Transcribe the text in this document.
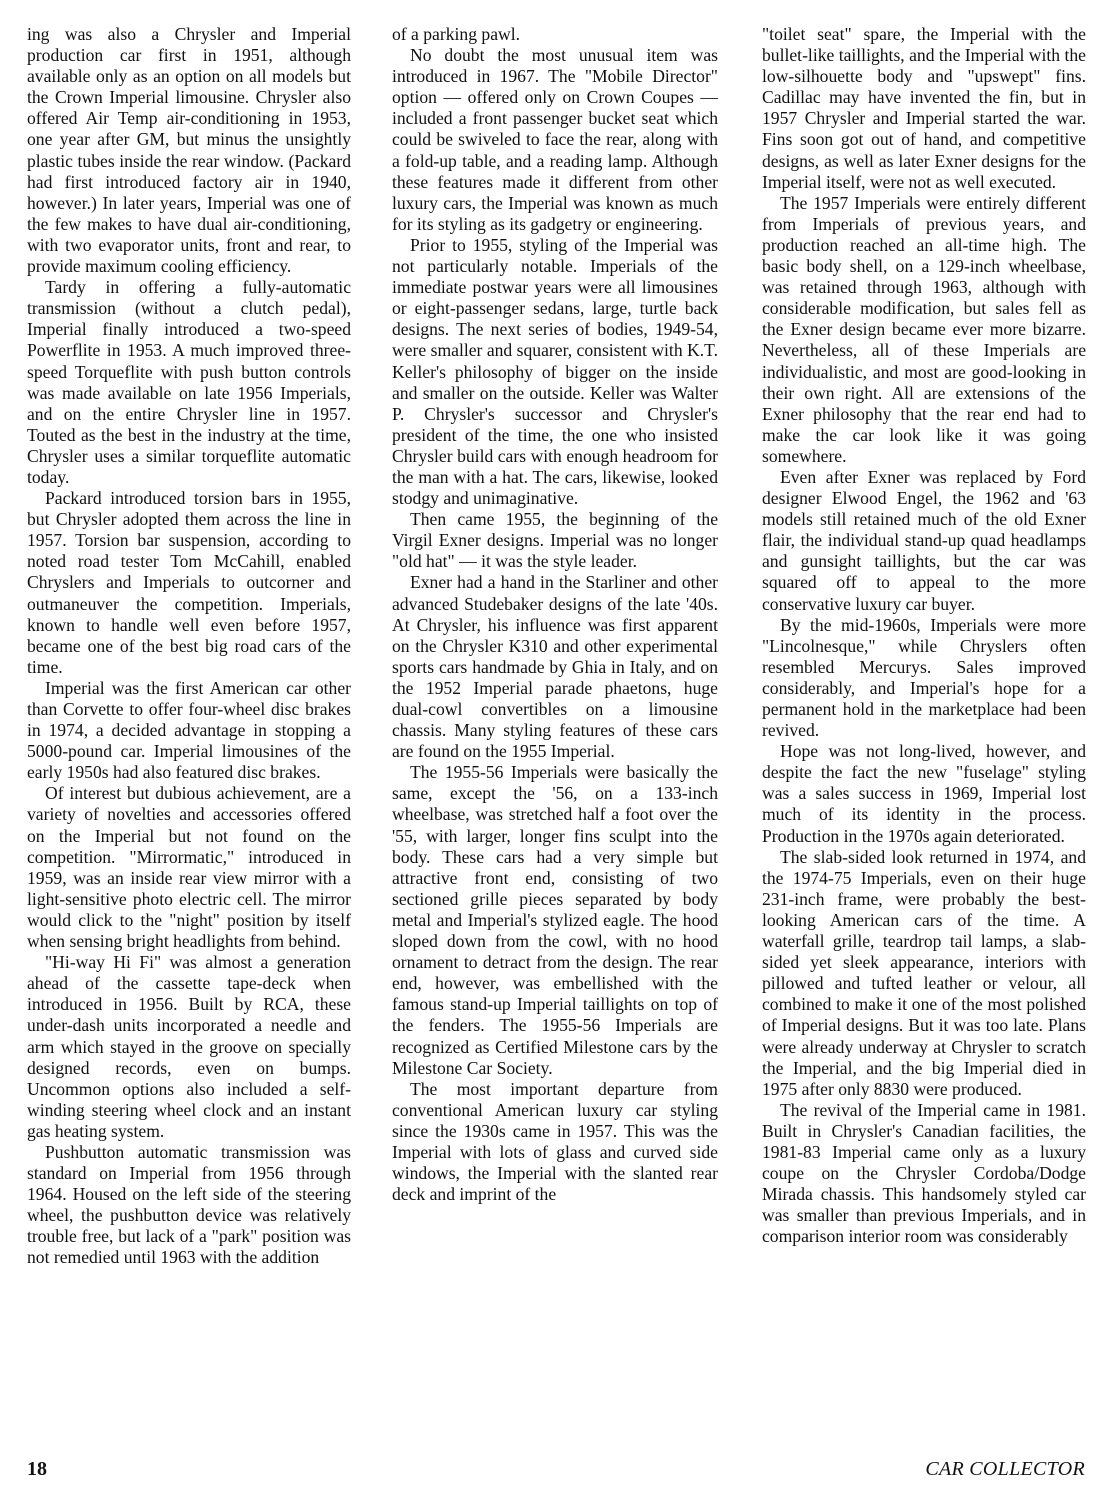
ing was also a Chrysler and Imperial production car first in 1951, although available only as an option on all models but the Crown Imperial limousine. Chrysler also offered Air Temp air-conditioning in 1953, one year after GM, but minus the unsightly plastic tubes inside the rear window. (Packard had first introduced factory air in 1940, however.) In later years, Imperial was one of the few makes to have dual air-conditioning, with two evaporator units, front and rear, to provide maximum cooling efficiency.

Tardy in offering a fully-automatic transmission (without a clutch pedal), Imperial finally introduced a two-speed Powerflite in 1953. A much improved three-speed Torqueflite with push button controls was made available on late 1956 Imperials, and on the entire Chrysler line in 1957. Touted as the best in the industry at the time, Chrysler uses a similar torqueflite automatic today.

Packard introduced torsion bars in 1955, but Chrysler adopted them across the line in 1957. Torsion bar suspension, according to noted road tester Tom McCahill, enabled Chryslers and Imperials to outcorner and outmaneuver the competition. Imperials, known to handle well even before 1957, became one of the best big road cars of the time.

Imperial was the first American car other than Corvette to offer four-wheel disc brakes in 1974, a decided advantage in stopping a 5000-pound car. Imperial limousines of the early 1950s had also featured disc brakes.

Of interest but dubious achievement, are a variety of novelties and accessories offered on the Imperial but not found on the competition. "Mirrormatic," introduced in 1959, was an inside rear view mirror with a light-sensitive photo electric cell. The mirror would click to the "night" position by itself when sensing bright headlights from behind.

"Hi-way Hi Fi" was almost a generation ahead of the cassette tape-deck when introduced in 1956. Built by RCA, these under-dash units incorporated a needle and arm which stayed in the groove on specially designed records, even on bumps. Uncommon options also included a self-winding steering wheel clock and an instant gas heating system.

Pushbutton automatic transmission was standard on Imperial from 1956 through 1964. Housed on the left side of the steering wheel, the pushbutton device was relatively trouble free, but lack of a "park" position was not remedied until 1963 with the addition

of a parking pawl.

No doubt the most unusual item was introduced in 1967. The "Mobile Director" option — offered only on Crown Coupes — included a front passenger bucket seat which could be swiveled to face the rear, along with a fold-up table, and a reading lamp. Although these features made it different from other luxury cars, the Imperial was known as much for its styling as its gadgetry or engineering.

Prior to 1955, styling of the Imperial was not particularly notable. Imperials of the immediate postwar years were all limousines or eight-passenger sedans, large, turtle back designs. The next series of bodies, 1949-54, were smaller and squarer, consistent with K.T. Keller's philosophy of bigger on the inside and smaller on the outside. Keller was Walter P. Chrysler's successor and Chrysler's president of the time, the one who insisted Chrysler build cars with enough headroom for the man with a hat. The cars, likewise, looked stodgy and unimaginative.

Then came 1955, the beginning of the Virgil Exner designs. Imperial was no longer "old hat" — it was the style leader.

Exner had a hand in the Starliner and other advanced Studebaker designs of the late '40s. At Chrysler, his influence was first apparent on the Chrysler K310 and other experimental sports cars handmade by Ghia in Italy, and on the 1952 Imperial parade phaetons, huge dual-cowl convertibles on a limousine chassis. Many styling features of these cars are found on the 1955 Imperial.

The 1955-56 Imperials were basically the same, except the '56, on a 133-inch wheelbase, was stretched half a foot over the '55, with larger, longer fins sculpt into the body. These cars had a very simple but attractive front end, consisting of two sectioned grille pieces separated by body metal and Imperial's stylized eagle. The hood sloped down from the cowl, with no hood ornament to detract from the design. The rear end, however, was embellished with the famous stand-up Imperial taillights on top of the fenders. The 1955-56 Imperials are recognized as Certified Milestone cars by the Milestone Car Society.

The most important departure from conventional American luxury car styling since the 1930s came in 1957. This was the Imperial with lots of glass and curved side windows, the Imperial with the slanted rear deck and imprint of the

"toilet seat" spare, the Imperial with the bullet-like taillights, and the Imperial with the low-silhouette body and "upswept" fins. Cadillac may have invented the fin, but in 1957 Chrysler and Imperial started the war. Fins soon got out of hand, and competitive designs, as well as later Exner designs for the Imperial itself, were not as well executed.

The 1957 Imperials were entirely different from Imperials of previous years, and production reached an all-time high. The basic body shell, on a 129-inch wheelbase, was retained through 1963, although with considerable modification, but sales fell as the Exner design became ever more bizarre. Nevertheless, all of these Imperials are individualistic, and most are good-looking in their own right. All are extensions of the Exner philosophy that the rear end had to make the car look like it was going somewhere.

Even after Exner was replaced by Ford designer Elwood Engel, the 1962 and '63 models still retained much of the old Exner flair, the individual stand-up quad headlamps and gunsight taillights, but the car was squared off to appeal to the more conservative luxury car buyer.

By the mid-1960s, Imperials were more "Lincolnesque," while Chryslers often resembled Mercurys. Sales improved considerably, and Imperial's hope for a permanent hold in the marketplace had been revived.

Hope was not long-lived, however, and despite the fact the new "fuselage" styling was a sales success in 1969, Imperial lost much of its identity in the process. Production in the 1970s again deteriorated.

The slab-sided look returned in 1974, and the 1974-75 Imperials, even on their huge 231-inch frame, were probably the best-looking American cars of the time. A waterfall grille, teardrop tail lamps, a slab-sided yet sleek appearance, interiors with pillowed and tufted leather or velour, all combined to make it one of the most polished of Imperial designs. But it was too late. Plans were already underway at Chrysler to scratch the Imperial, and the big Imperial died in 1975 after only 8830 were produced.

The revival of the Imperial came in 1981. Built in Chrysler's Canadian facilities, the 1981-83 Imperial came only as a luxury coupe on the Chrysler Cordoba/Dodge Mirada chassis. This handsomely styled car was smaller than previous Imperials, and in comparison interior room was considerably

18	CAR COLLECTOR
